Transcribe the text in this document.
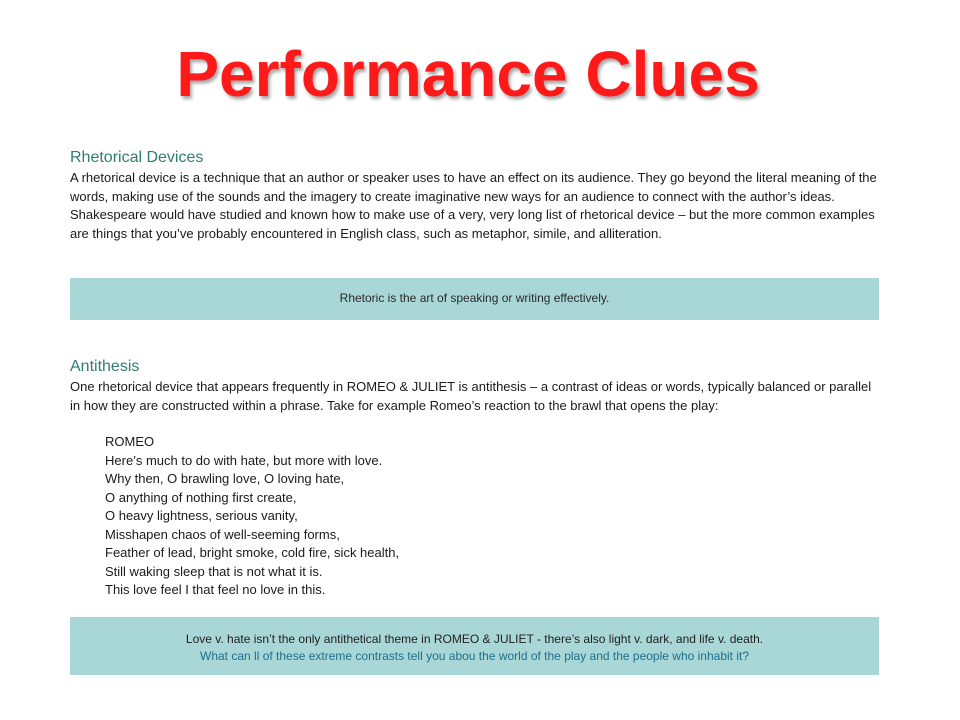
Performance Clues
Rhetorical Devices
A rhetorical device is a technique that an author or speaker uses to have an effect on its audience. They go beyond the literal meaning of the words, making use of the sounds and the imagery to create imaginative new ways for an audience to connect with the author’s ideas. Shakespeare would have studied and known how to make use of a very, very long list of rhetorical device – but the more common examples are things that you’ve probably encountered in English class, such as metaphor, simile, and alliteration.
Rhetoric is the art of speaking or writing effectively.
Antithesis
One rhetorical device that appears frequently in ROMEO & JULIET is antithesis – a contrast of ideas or words, typically balanced or parallel in how they are constructed within a phrase. Take for example Romeo’s reaction to the brawl that opens the play:
ROMEO
Here’s much to do with hate, but more with love.
Why then, O brawling love, O loving hate,
O anything of nothing first create,
O heavy lightness, serious vanity,
Misshapen chaos of well-seeming forms,
Feather of lead, bright smoke, cold fire, sick health,
Still waking sleep that is not what it is.
This love feel I that feel no love in this.
Love v. hate isn’t the only antithetical theme in ROMEO & JULIET - there’s also light v. dark, and life v. death.
What can ll of these extreme contrasts tell you abou the world of the play and the people who inhabit it?
